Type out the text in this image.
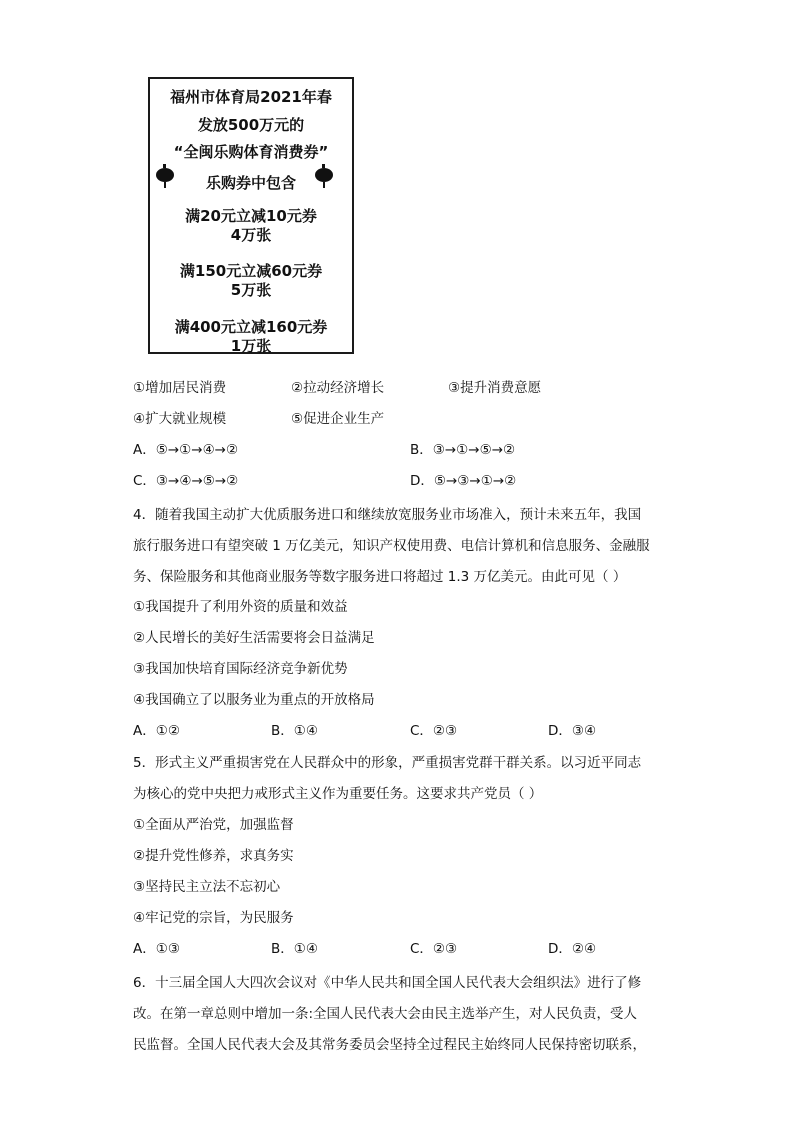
福州市体育局2021年春
发放500万元的
“全闽乐购体育消费券”
乐购券中包含
满20元立减10元券
4万张
满150元立减60元券
5万张
满400元立减160元券
1万张
①增加居民消费	②拉动经济增长	③提升消费意愿
④扩大就业规模	⑤促进企业生产
A．⑤→①→④→②	B．③→①→⑤→②
C．③→④→⑤→②	D．⑤→③→①→②
4．随着我国主动扩大优质服务进口和继续放宽服务业市场准入，预计未来五年，我国
旅行服务进口有望突破 1 万亿美元，知识产权使用费、电信计算机和信息服务、金融服
务、保险服务和其他商业服务等数字服务进口将超过 1.3 万亿美元。由此可见（ ）
①我国提升了利用外资的质量和效益
②人民增长的美好生活需要将会日益满足
③我国加快培育国际经济竞争新优势
④我国确立了以服务业为重点的开放格局
A．①②	B．①④	C．②③	D．③④
5．形式主义严重损害党在人民群众中的形象，严重损害党群干群关系。以习近平同志
为核心的党中央把力戒形式主义作为重要任务。这要求共产党员（ ）
①全面从严治党，加强监督
②提升党性修养，求真务实
③坚持民主立法不忘初心
④牢记党的宗旨，为民服务
A．①③	B．①④	C．②③	D．②④
6．十三届全国人大四次会议对《中华人民共和国全国人民代表大会组织法》进行了修
改。在第一章总则中增加一条:全国人民代表大会由民主选举产生，对人民负责，受人
民监督。全国人民代表大会及其常务委员会坚持全过程民主始终同人民保持密切联系，
